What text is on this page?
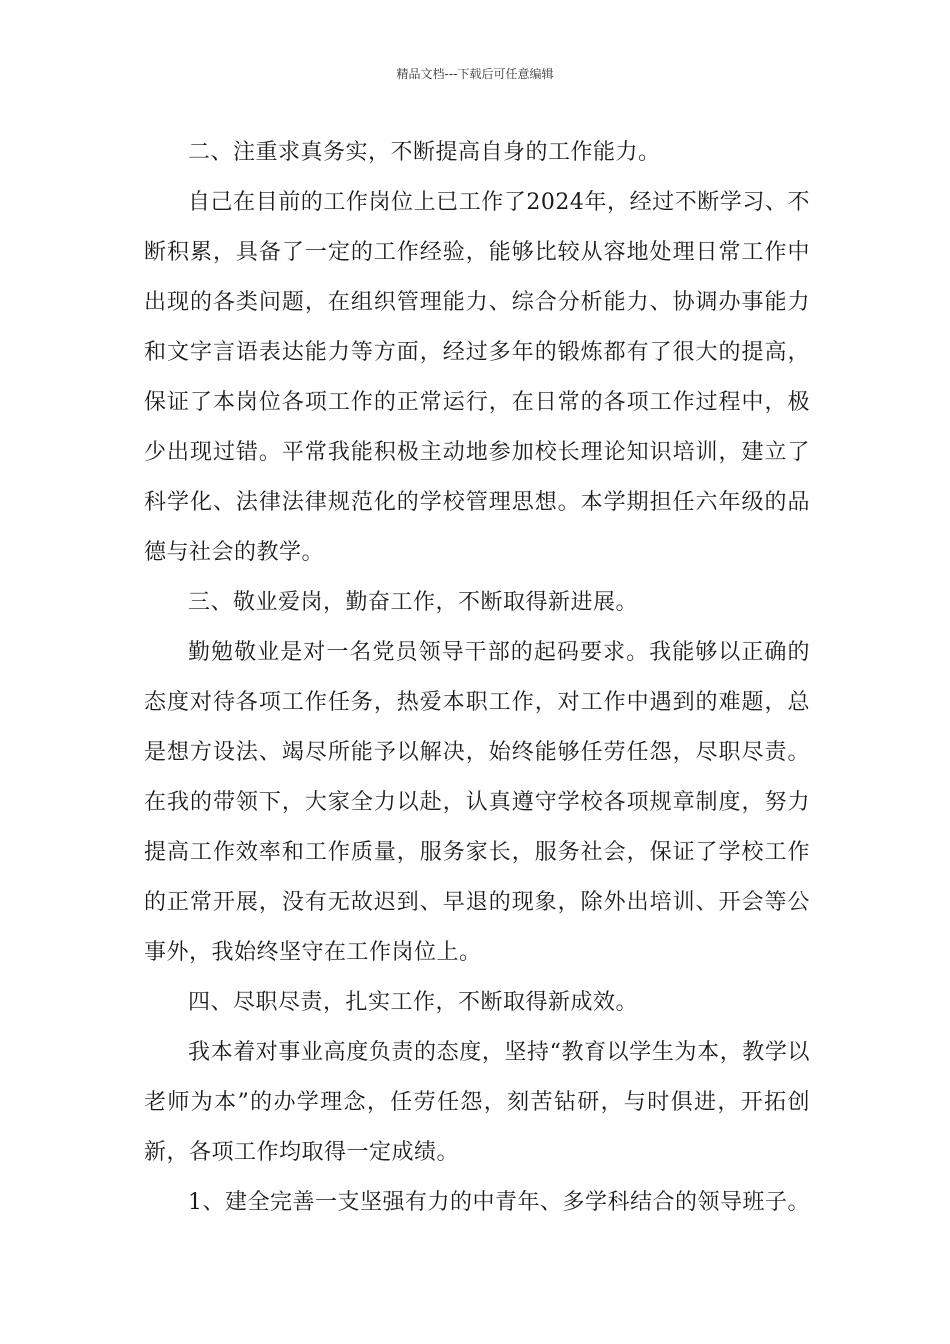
精品文档---下载后可任意编辑

二、注重求真务实，不断提高自身的工作能力。

自己在目前的工作岗位上已工作了2024年，经过不断学习、不断积累，具备了一定的工作经验，能够比较从容地处理日常工作中出现的各类问题，在组织管理能力、综合分析能力、协调办事能力和文字言语表达能力等方面，经过多年的锻炼都有了很大的提高，保证了本岗位各项工作的正常运行，在日常的各项工作过程中，极少出现过错。平常我能积极主动地参加校长理论知识培训，建立了科学化、法律法律规范化的学校管理思想。本学期担任六年级的品德与社会的教学。

三、敬业爱岗，勤奋工作，不断取得新进展。

勤勉敬业是对一名党员领导干部的起码要求。我能够以正确的态度对待各项工作任务，热爱本职工作，对工作中遇到的难题，总是想方设法、竭尽所能予以解决，始终能够任劳任怨，尽职尽责。在我的带领下，大家全力以赴，认真遵守学校各项规章制度，努力提高工作效率和工作质量，服务家长，服务社会，保证了学校工作的正常开展，没有无故迟到、早退的现象，除外出培训、开会等公事外，我始终坚守在工作岗位上。

四、尽职尽责，扎实工作，不断取得新成效。

我本着对事业高度负责的态度，坚持“教育以学生为本，教学以老师为本”的办学理念，任劳任怨，刻苦钻研，与时俱进，开拓创新，各项工作均取得一定成绩。

1、建全完善一支坚强有力的中青年、多学科结合的领导班子。
